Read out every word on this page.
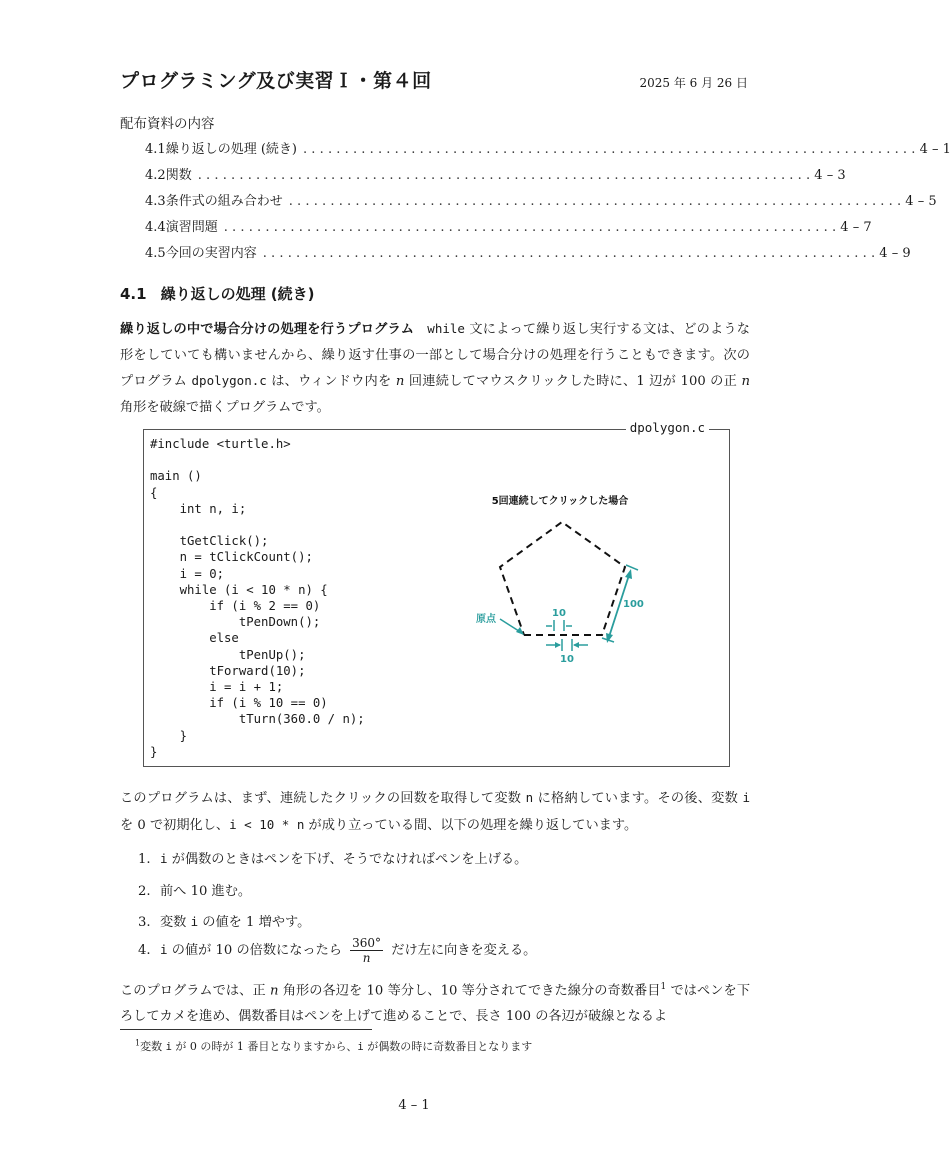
プログラミング及び実習Ｉ・第４回	2025 年 6 月 26 日
配布資料の内容
4.1 繰り返しの処理 (続き) .......................................................................... 4 – 1
4.2 関数 .......................................................................... 4 – 3
4.3 条件式の組み合わせ .......................................................................... 4 – 5
4.4 演習問題 .......................................................................... 4 – 7
4.5 今回の実習内容 .......................................................................... 4 – 9
4.1 繰り返しの処理 (続き)
繰り返しの中で場合分けの処理を行うプログラム  while 文によって繰り返し実行する文は、どのような形をしていても構いませんから、繰り返す仕事の一部として場合分けの処理を行うこともできます。次のプログラム dpolygon.c は、ウィンドウ内を n 回連続してマウスクリックした時に、1 辺が 100 の正 n 角形を破線で描くプログラムです。
dpolygon.c
#include <turtle.h>

main ()
{
int n, i;

tGetClick();
n = tClickCount();
i = 0;
while (i < 10 * n) {
if (i % 2 == 0)
tPenDown();
else
tPenUp();
tForward(10);
i = i + 1;
if (i % 10 == 0)
tTurn(360.0 / n);
}
}
5回連続してクリックした場合
原点
10
10
100
このプログラムは、まず、連続したクリックの回数を取得して変数 n に格納しています。その後、変数 i を 0 で初期化し、i < 10 * n が成り立っている間、以下の処理を繰り返しています。
1. i が偶数のときはペンを下げ、そうでなければペンを上げる。
2. 前へ 10 進む。
3. 変数 i の値を 1 増やす。
4. i の値が 10 の倍数になったら $\frac{360^\circ}{n}$ だけ左に向きを変える。
このプログラムでは、正 n 角形の各辺を 10 等分し、10 等分されてできた線分の奇数番目$^1$ ではペンを下ろしてカメを進め、偶数番目はペンを上げて進めることで、長さ 100 の各辺が破線となるよ
$^1$変数 i が 0 の時が 1 番目となりますから、i が偶数の時に奇数番目となります
4 – 1
